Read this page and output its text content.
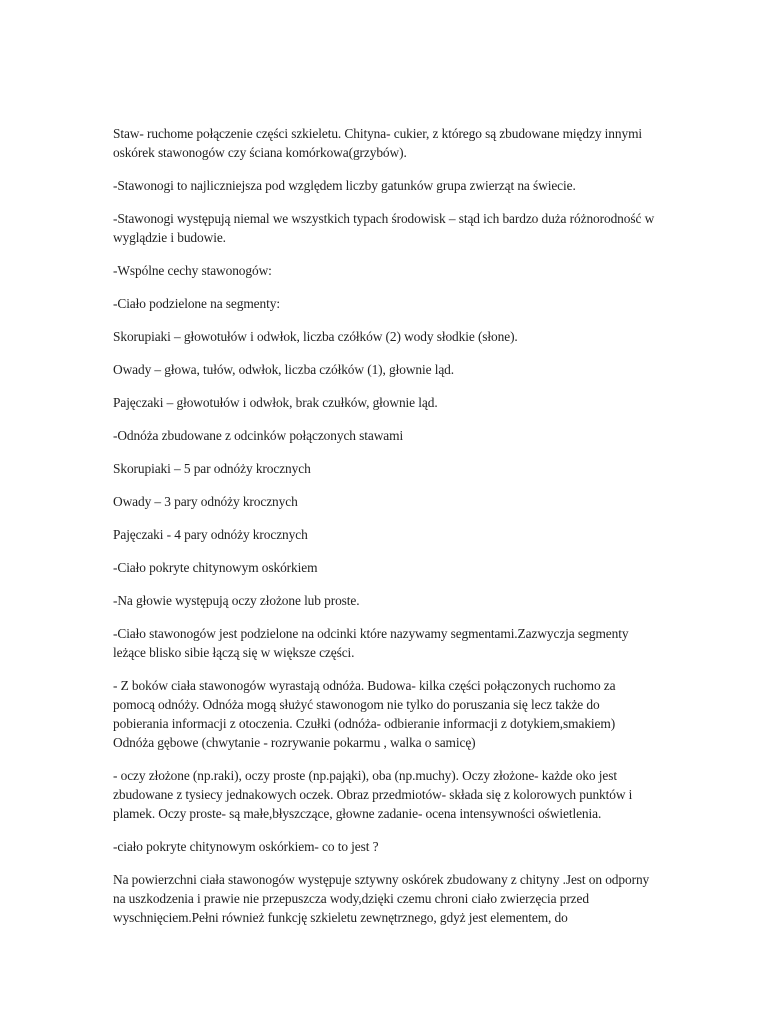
Staw- ruchome połączenie części szkieletu. Chityna- cukier, z którego są zbudowane między innymi oskórek stawonogów czy ściana komórkowa(grzybów).

-Stawonogi to najliczniejsza pod względem liczby gatunków grupa zwierząt na świecie.

-Stawonogi występują niemal we wszystkich typach środowisk – stąd ich bardzo duża różnorodność w wyglądzie i budowie.

-Wspólne cechy stawonogów:

-Ciało podzielone na segmenty:

Skorupiaki – głowotułów i odwłok, liczba czółków (2) wody słodkie (słone).

Owady – głowa, tułów, odwłok, liczba czółków (1), głownie ląd.

Pajęczaki – głowotułów i odwłok, brak czułków, głownie ląd.

-Odnóża zbudowane z odcinków połączonych stawami

Skorupiaki – 5 par odnóży krocznych

Owady – 3 pary odnóży krocznych

Pajęczaki - 4 pary odnóży krocznych

-Ciało pokryte chitynowym oskórkiem

-Na głowie występują oczy złożone lub proste.

-Ciało stawonogów jest podzielone na odcinki które nazywamy segmentami.Zazwyczja segmenty leżące blisko sibie łączą się w większe części.

- Z boków ciała stawonogów wyrastają odnóża. Budowa- kilka części połączonych ruchomo za pomocą odnóży. Odnóża mogą służyć stawonogom nie tylko do poruszania się lecz także do pobierania informacji z otoczenia. Czułki (odnóża- odbieranie informacji z dotykiem,smakiem) Odnóża gębowe (chwytanie - rozrywanie pokarmu , walka o samicę)

- oczy złożone (np.raki), oczy proste (np.pająki), oba (np.muchy). Oczy złożone- każde oko jest zbudowane z tysiecy jednakowych oczek. Obraz przedmiotów- składa się z kolorowych punktów i plamek. Oczy proste- są małe,błyszczące, głowne zadanie- ocena intensywności oświetlenia.

-ciało pokryte chitynowym oskórkiem- co to jest ?

Na powierzchni ciała stawonogów występuje sztywny oskórek zbudowany z chityny .Jest on odporny na uszkodzenia i prawie nie przepuszcza wody,dzięki czemu chroni ciało zwierzęcia przed wyschnięciem.Pełni również funkcję szkieletu zewnętrznego, gdyż jest elementem, do
